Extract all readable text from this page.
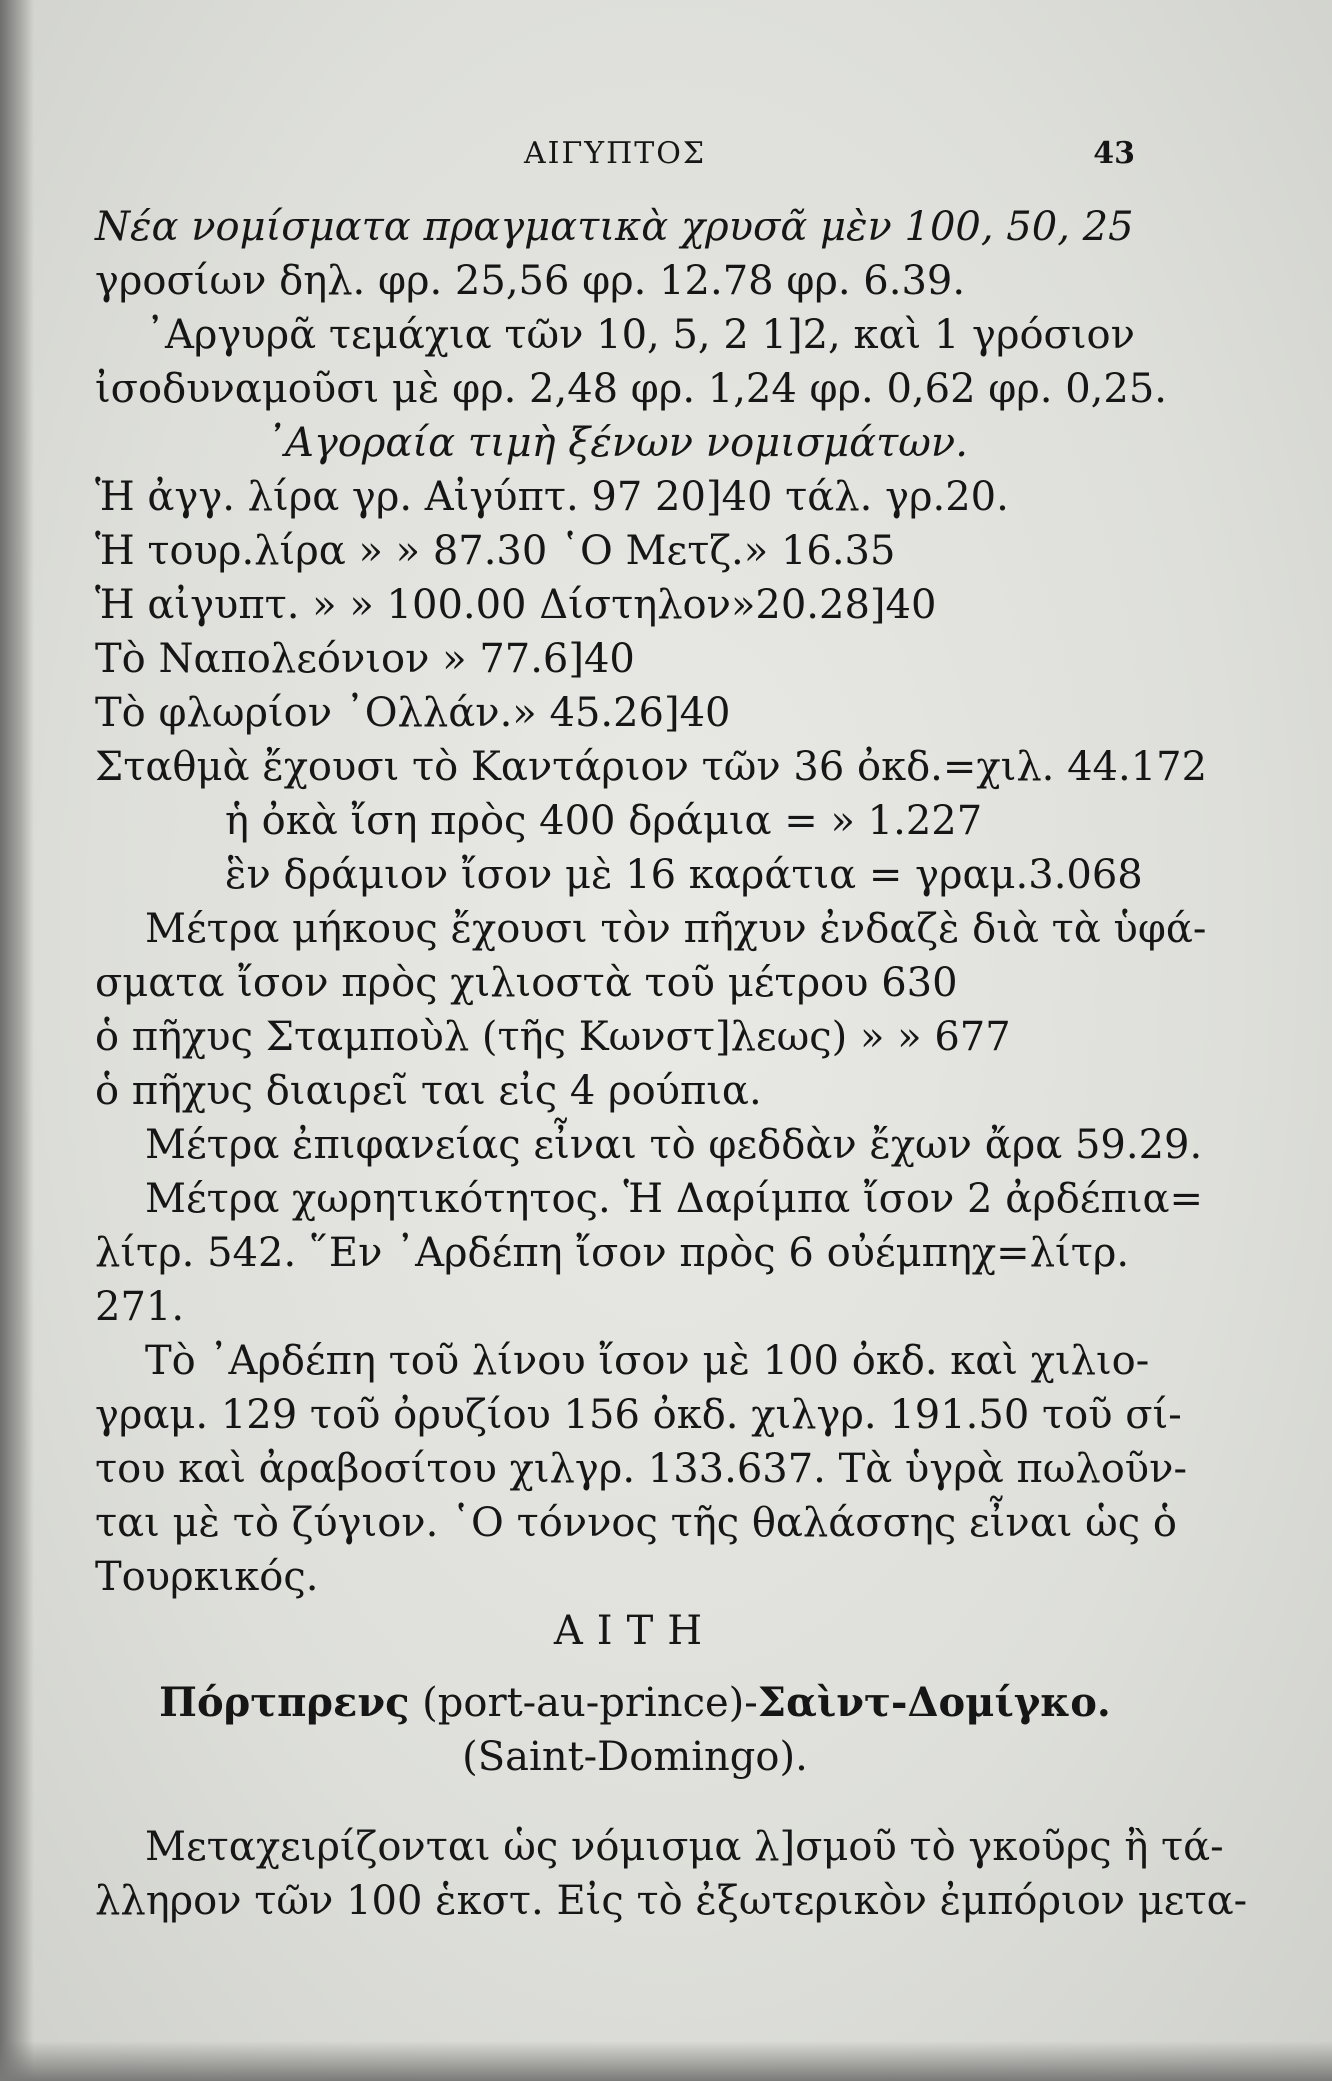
ΑΙΓΥΠΤΟΣ	43
Νέα νομίσματα πραγματικὰ χρυσᾶ μὲν 100, 50, 25
γροσίων δηλ. φρ. 25,56 φρ. 12.78 φρ. 6.39.
᾽Αργυρᾶ τεμάχια τῶν 10, 5, 2 1]2, καὶ 1 γρόσιον
ἰσοδυναμοῦσι μὲ φρ. 2,48 φρ. 1,24 φρ. 0,62 φρ. 0,25.
᾽Αγοραία τιμὴ ξένων νομισμάτων.
Ἡ ἀγγ. λίρα γρ. Αἰγύπτ. 97 20]40 τάλ. γρ.20.
Ἡ τουρ.λίρα » » 87.30 ῾Ο Μετζ.» 16.35
Ἡ αἰγυπτ. » » 100.00 Δίστηλον»20.28]40
Τὸ Ναπολεόνιον » 77.6]40
Τὸ φλωρίον ᾽Ολλάν.» 45.26]40
Σταθμὰ ἔχουσι τὸ Καντάριον τῶν 36 ὀκδ.=χιλ. 44.172
ἡ ὀκὰ ἴση πρὸς 400 δράμια = » 1.227
ἓν δράμιον ἴσον μὲ 16 καράτια = γραμ.3.068
Μέτρα μήκους ἔχουσι τὸν πῆχυν ἐνδαζὲ διὰ τὰ ὑφά-
σματα ἴσον πρὸς χιλιοστὰ τοῦ μέτρου 630
ὁ πῆχυς Σταμποὺλ (τῆς Κωνστ]λεως) » » 677
ὁ πῆχυς διαιρεῖ ται εἰς 4 ρούπια.
Μέτρα ἐπιφανείας εἶναι τὸ φεδδὰν ἔχων ἄρα 59.29.
Μέτρα χωρητικότητος. Ἡ Δαρίμπα ἴσον 2 ἀρδέπια=
λίτρ. 542. ῞Εν ᾽Αρδέπη ἴσον πρὸς 6 οὐέμπηχ=λίτρ.
271.
Τὸ ᾽Αρδέπη τοῦ λίνου ἴσον μὲ 100 ὀκδ. καὶ χιλιο-
γραμ. 129 τοῦ ὀρυζίου 156 ὀκδ. χιλγρ. 191.50 τοῦ σί-
του καὶ ἀραβοσίτου χιλγρ. 133.637. Τὰ ὑγρὰ πωλοῦν-
ται μὲ τὸ ζύγιον. ῾Ο τόννος τῆς θαλάσσης εἶναι ὡς ὁ
Τουρκικός.
ΑΙΤΗ
Πόρτπρενς (port-au-prince)-Σαὶντ-Δομίγκο.
(Saint-Domingo).
Μεταχειρίζονται ὡς νόμισμα λ]σμοῦ τὸ γκοῦρς ἢ τά-
λληρον τῶν 100 ἑκστ. Εἰς τὸ ἐξωτερικὸν ἐμπόριον μετα-
